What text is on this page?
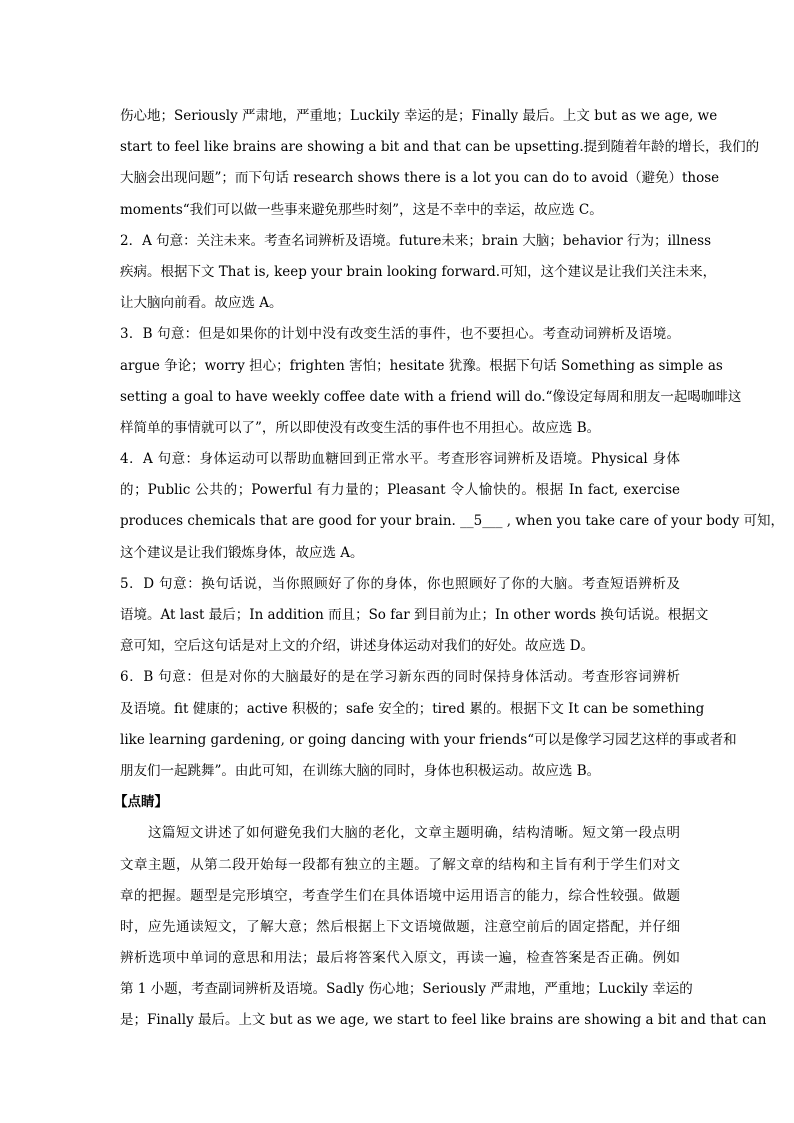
伤心地；Seriously 严肃地，严重地；Luckily 幸运的是；Finally 最后。上文 but as we age, we
start to feel like brains are showing a bit and that can be upsetting.提到随着年龄的增长，我们的
大脑会出现问题”；而下句话 research shows there is a lot you can do to avoid（避免）those
moments“我们可以做一些事来避免那些时刻”，这是不幸中的幸运，故应选 C。
2．A 句意：关注未来。考查名词辨析及语境。future未来；brain 大脑；behavior 行为；illness
疾病。根据下文 That is, keep your brain looking forward.可知，这个建议是让我们关注未来，
让大脑向前看。故应选 A。
3．B 句意：但是如果你的计划中没有改变生活的事件，也不要担心。考查动词辨析及语境。
argue 争论；worry 担心；frighten 害怕；hesitate 犹豫。根据下句话 Something as simple as
setting a goal to have weekly coffee date with a friend will do.“像设定每周和朋友一起喝咖啡这
样简单的事情就可以了”，所以即使没有改变生活的事件也不用担心。故应选 B。
4．A 句意：身体运动可以帮助血糖回到正常水平。考查形容词辨析及语境。Physical 身体
的；Public 公共的；Powerful 有力量的；Pleasant 令人愉快的。根据 In fact, exercise
produces chemicals that are good for your brain. __5___ , when you take care of your body 可知，
这个建议是让我们锻炼身体，故应选 A。
5．D 句意：换句话说，当你照顾好了你的身体，你也照顾好了你的大脑。考查短语辨析及
语境。At last 最后；In addition 而且；So far 到目前为止；In other words 换句话说。根据文
意可知，空后这句话是对上文的介绍，讲述身体运动对我们的好处。故应选 D。
6．B 句意：但是对你的大脑最好的是在学习新东西的同时保持身体活动。考查形容词辨析
及语境。fit 健康的；active 积极的；safe 安全的；tired 累的。根据下文 It can be something
like learning gardening, or going dancing with your friends“可以是像学习园艺这样的事或者和
朋友们一起跳舞”。由此可知，在训练大脑的同时，身体也积极运动。故应选 B。
【点睛】
这篇短文讲述了如何避免我们大脑的老化，文章主题明确，结构清晰。短文第一段点明
文章主题，从第二段开始每一段都有独立的主题。了解文章的结构和主旨有利于学生们对文
章的把握。题型是完形填空，考查学生们在具体语境中运用语言的能力，综合性较强。做题
时，应先通读短文，了解大意；然后根据上下文语境做题，注意空前后的固定搭配，并仔细
辨析选项中单词的意思和用法；最后将答案代入原文，再读一遍，检查答案是否正确。例如
第 1 小题，考查副词辨析及语境。Sadly 伤心地；Seriously 严肃地，严重地；Luckily 幸运的
是；Finally 最后。上文 but as we age, we start to feel like brains are showing a bit and that can
